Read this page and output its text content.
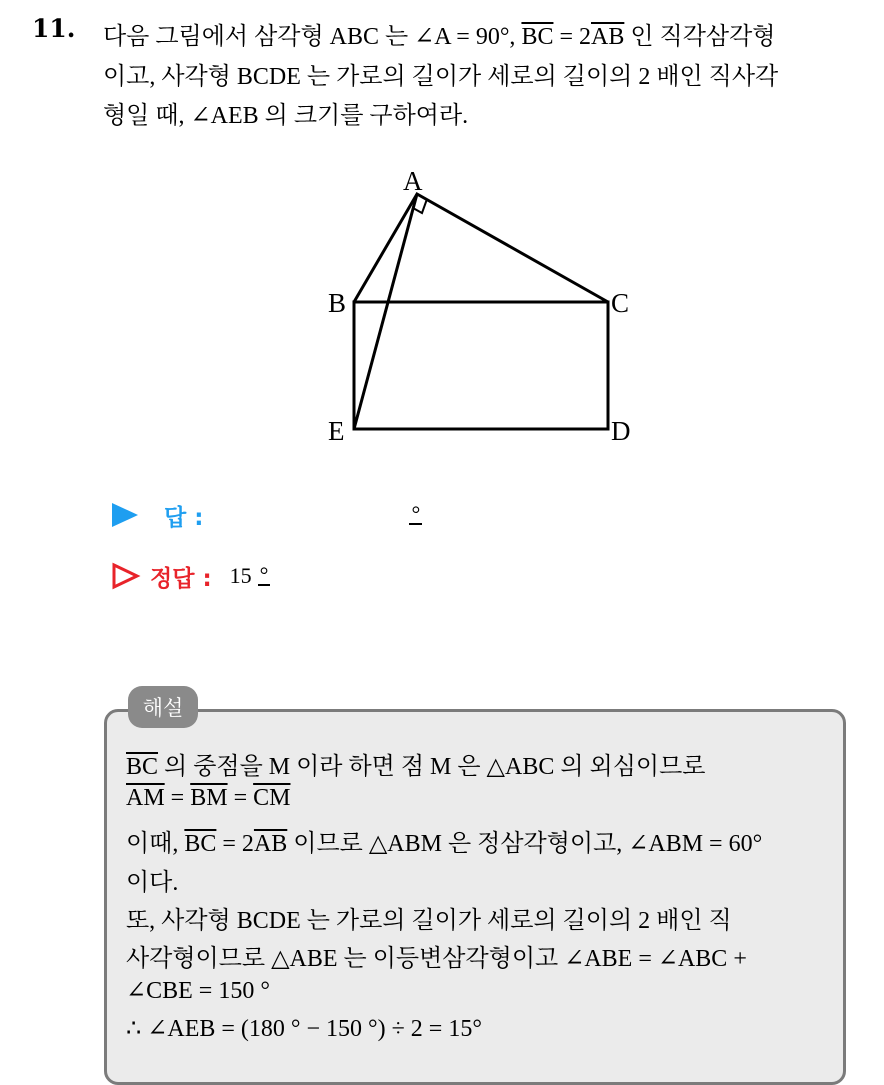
11. 다음 그림에서 삼각형 ABC 는 ∠A = 90°, $\overline{BC} = 2\overline{AB}$ 인 직각삼각형
이고, 사각형 BCDE 는 가로의 길이가 세로의 길이의 2 배인 직사각
형일 때, ∠AEB 의 크기를 구하여라.
A
B	C
D
E
답 :	°
정답 : 15 °
해설
$\overline{BC}$ 의 중점을 M 이라 하면 점 M 은 △ABC 의 외심이므로
$\overline{AM} = \overline{BM} = \overline{CM}$
이때, $\overline{BC} = 2\overline{AB}$ 이므로 △ABM 은 정삼각형이고, ∠ABM = 60°
이다.
또, 사각형 BCDE 는 가로의 길이가 세로의 길이의 2 배인 직
사각형이므로 △ABE 는 이등변삼각형이고 ∠ABE = ∠ABC +
∠CBE = 150 °
∴ ∠AEB = (180 ° − 150 °) ÷ 2 = 15°
